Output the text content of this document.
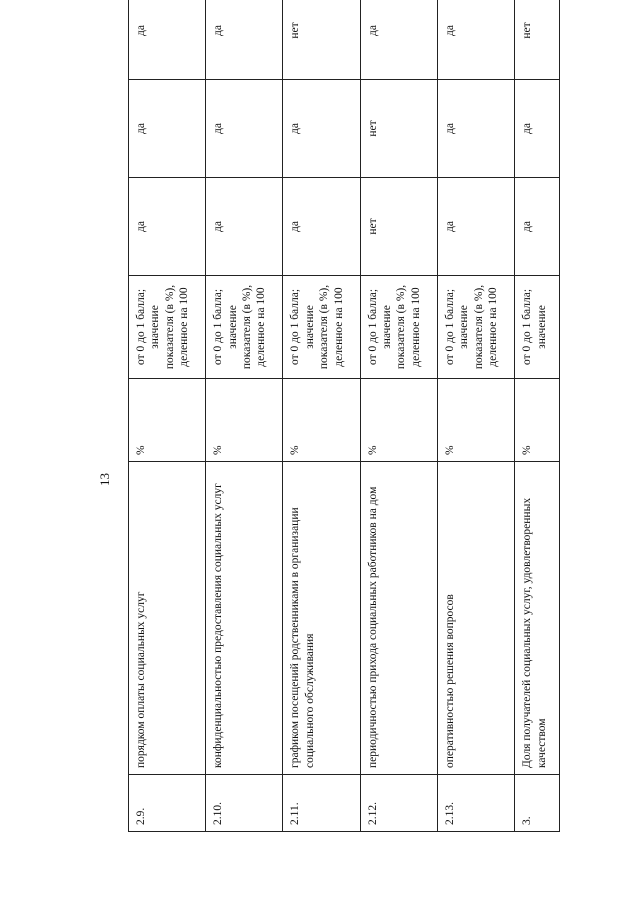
13
2.9.	порядком оплаты социальных услуг	%	от 0 до 1 балла; значение показателя (в %), деленное на 100	да	да	да
2.10.	конфиденциальностью предоставления социальных услуг	%	от 0 до 1 балла; значение показателя (в %), деленное на 100	да	да	да
2.11.	графиком посещений родственниками в организации социального обслуживания	%	от 0 до 1 балла; значение показателя (в %), деленное на 100	да	да	нет
2.12.	периодичностью прихода социальных работников на дом	%	от 0 до 1 балла; значение показателя (в %), деленное на 100	нет	нет	да
2.13.	оперативностью решения вопросов	%	от 0 до 1 балла; значение показателя (в %), деленное на 100	да	да	да
3.	Доля получателей социальных услуг, удовлетворенных качеством	%	от 0 до 1 балла; значение	да	да	нет
